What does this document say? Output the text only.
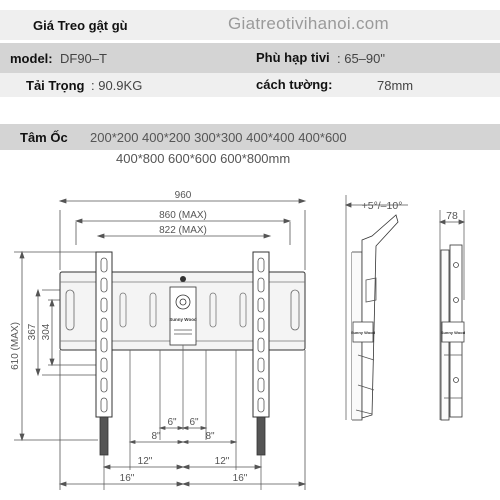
Giá Treo gật gù	Giatreotivihanoi.com
model: DF90–T	Phù hạp tivi : 65–90"
Tải Trọng : 90.9KG	cách tường:	78mm
Tâm Ốc 200*200 400*200 300*300 400*400 400*600
400*800 600*600 600*800mm
960
860 (MAX)
822 (MAX)
610 (MAX) 367 304
Sunny Wood
6" 6"
8"	8"
12"	12"
16"	16"
+5°/–10°
Sunny Wood
78
Sunny Wood
